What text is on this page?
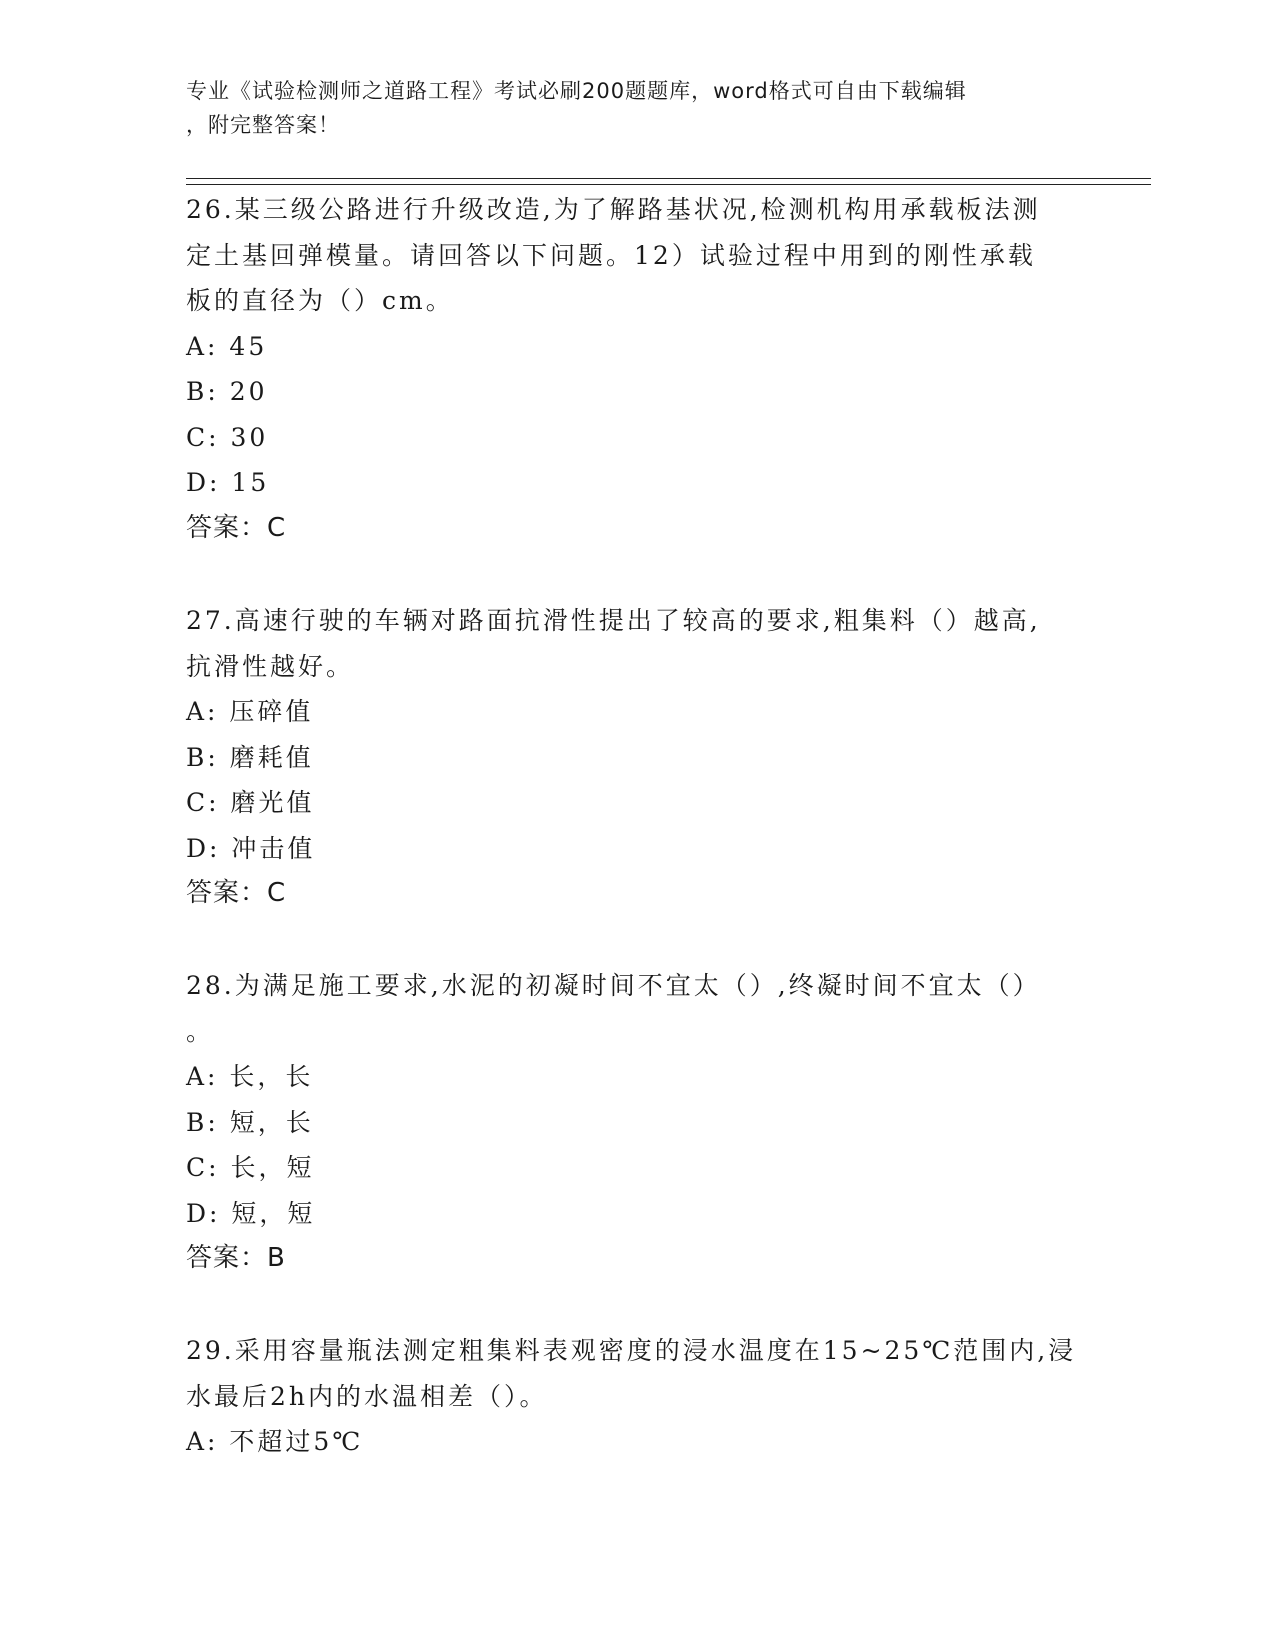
专业《试验检测师之道路工程》考试必刷200题题库，word格式可自由下载编辑
，附完整答案！

26.某三级公路进行升级改造,为了解路基状况,检测机构用承载板法测

定土基回弹模量。请回答以下问题。12）试验过程中用到的刚性承载

板的直径为（）cm。

A: 45

B: 20

C: 30

D: 15

答案：C

27.高速行驶的车辆对路面抗滑性提出了较高的要求,粗集料（）越高,

抗滑性越好。

A: 压碎值

B: 磨耗值

C: 磨光值

D: 冲击值

答案：C

28.为满足施工要求,水泥的初凝时间不宜太（）,终凝时间不宜太（）

。

A: 长，长

B: 短，长

C: 长，短

D: 短，短

答案：B

29.采用容量瓶法测定粗集料表观密度的浸水温度在15~25℃范围内,浸

水最后2h内的水温相差（）。

A: 不超过5℃
